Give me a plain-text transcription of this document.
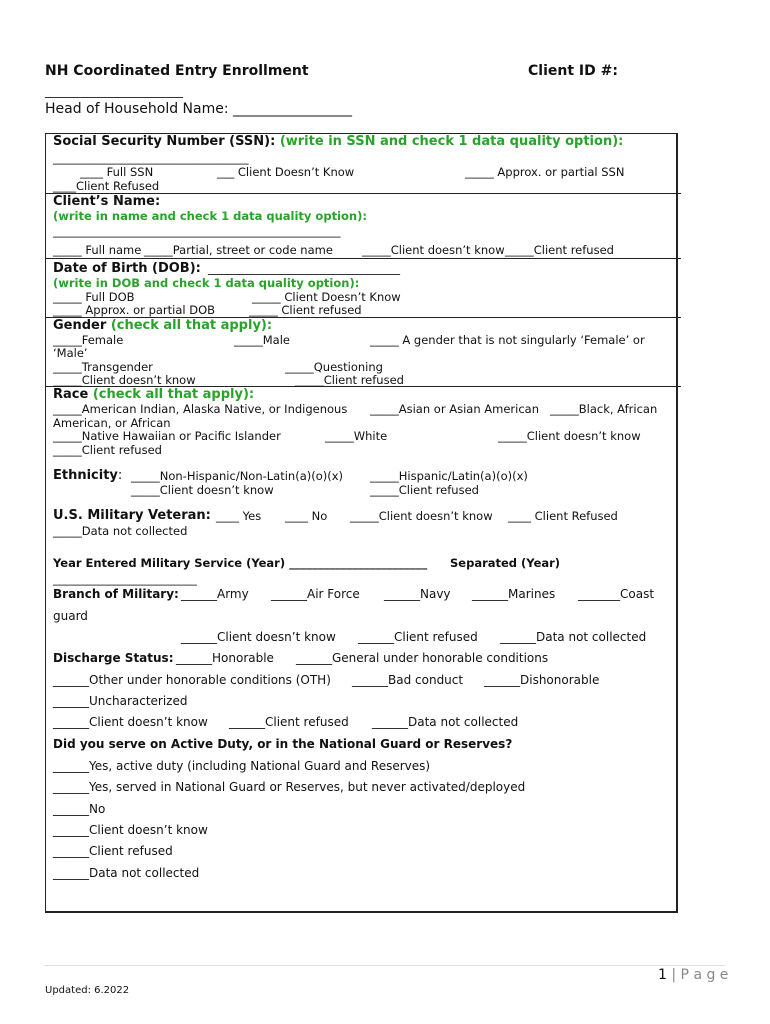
NH Coordinated Entry Enrollment	Client ID #:
_______________________
Head of Household Name: _________________
Social Security Number (SSN): (write in SSN and check 1 data quality option):
__________________________________
____ Full SSN	___ Client Doesn’t Know	_____ Approx. or partial SSN
____Client Refused
Client’s Name:
(write in name and check 1 data quality option):
__________________________________________________
_____ Full name _____Partial, street or code name	_____Client doesn’t know _____Client refused
Date of Birth (DOB): ________________________________
(write in DOB and check 1 data quality option):
_____ Full DOB	_____ Client Doesn’t Know
_____ Approx. or partial DOB	_____ Client refused
Gender (check all that apply):
_____Female	_____Male	_____ A gender that is not singularly ‘Female’ or
‘Male’
_____Transgender	_____Questioning
_____Client doesn’t know	_____Client refused
Race (check all that apply):
_____American Indian, Alaska Native, or Indigenous _____Asian or Asian American _____Black, African
American, or African
_____Native Hawaiian or Pacific Islander	_____White	_____Client doesn’t know
_____Client refused
Ethnicity: _____Non-Hispanic/Non-Latin(a)(o)(x) _____Hispanic/Latin(a)(o)(x)
_____Client doesn’t know	_____Client refused
U.S. Military Veteran: ____ Yes ____ No _____Client doesn’t know ____ Client Refused
_____Data not collected
Year Entered Military Service (Year) ________________________ Separated (Year)
_________________________
Branch of Military: ______Army ______Air Force ______Navy ______Marines _______Coast
guard
______Client doesn’t know ______Client refused ______Data not collected
Discharge Status: ______Honorable ______General under honorable conditions
______Other under honorable conditions (OTH) ______Bad conduct ______Dishonorable
______Uncharacterized
______Client doesn’t know ______Client refused ______Data not collected
Did you serve on Active Duty, or in the National Guard or Reserves?
______Yes, active duty (including National Guard and Reserves)
______Yes, served in National Guard or Reserves, but never activated/deployed
______No
______Client doesn’t know
______Client refused
______Data not collected
1 | P a g e
Updated: 6.2022
